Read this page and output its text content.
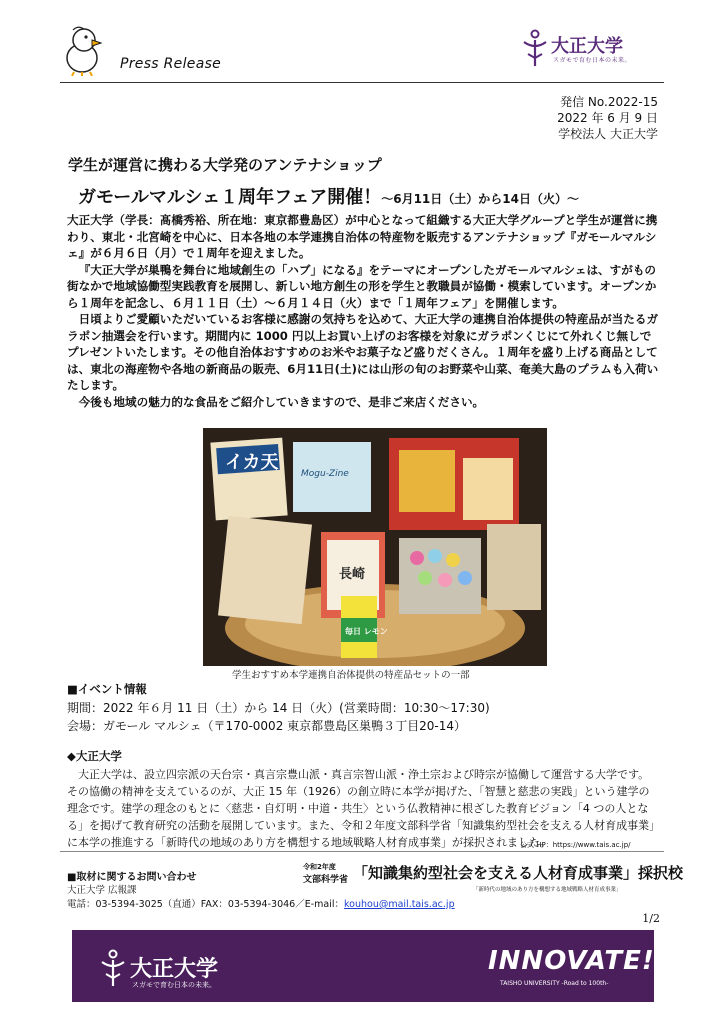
Press Release
大正大学
スガモで育む日本の未来。
発信 No.2022-15
2022 年 6 月 9 日
学校法人 大正大学
学生が運営に携わる大学発のアンテナショップ
ガモールマルシェ１周年フェア開催！～6月11日（土）から14日（火）～

大正大学（学長：髙橋秀裕、所在地：東京都豊島区）が中心となって組織する大正大学グループと学生が運営に携わり、東北・北宮崎を中心に、日本各地の本学連携自治体の特産物を販売するアンテナショップ『ガモールマルシェ』が６月６日（月）で１周年を迎えました。

『大正大学が巣鴨を舞台に地域創生の「ハブ」になる』をテーマにオープンしたガモールマルシェは、すがもの街なかで地域協働型実践教育を展開し、新しい地方創生の形を学生と教職員が協働・模索しています。オープンから１周年を記念し、６月１１日（土）～６月１４日（火）まで「１周年フェア」を開催します。

日頃よりご愛顧いただいているお客様に感謝の気持ちを込めて、大正大学の連携自治体提供の特産品が当たるガラポン抽選会を行います。期間内に 1000 円以上お買い上げのお客様を対象にガラポンくじにて外れくじ無しでプレゼントいたします。その他自治体おすすめのお米やお菓子など盛りだくさん。１周年を盛り上げる商品としては、東北の海産物や各地の新商品の販売、6月11日(土)には山形の旬のお野菜や山菜、奄美大島のプラムも入荷いたします。

今後も地域の魅力的な食品をご紹介していきますので、是非ご来店ください。

イカ天
Mogu-Zine
長崎
毎日 レモン
学生おすすめ本学連携自治体提供の特産品セットの一部
■イベント情報
期間：2022 年６月 11 日（土）から 14 日（火）(営業時間：10:30～17:30)
会場：ガモール マルシェ（〒170-0002 東京都豊島区巣鴨３丁目20-14）
◆大正大学

大正大学は、設立四宗派の天台宗・真言宗豊山派・真言宗智山派・浄土宗および時宗が協働して運営する大学です。その協働の精神を支えているのが、大正 15 年（1926）の創立時に本学が掲げた、「智慧と慈悲の実践」という建学の理念です。建学の理念のもとに〈慈悲・自灯明・中道・共生〉という仏教精神に根ざした教育ビジョン「4 つの人となる」を掲げて教育研究の活動を展開しています。また、令和２年度文部科学省「知識集約型社会を支える人材育成事業」に本学の推進する「新時代の地域のあり方を構想する地域戦略人材育成事業」が採択されました。

公式 HP：https://www.tais.ac.jp/
■取材に関するお問い合わせ
大正大学 広報課
電話：03-5394-3025（直通）FAX：03-5394-3046／E-mail：kouhou@mail.tais.ac.jp
令和2年度
文部科学省 「知識集約型社会を支える人材育成事業」採択校
「新時代の地域のあり方を構想する地域戦略人材育成事業」
1/2
大正大学
スガモで育む日本の未来。
INNOVATE!
TAISHO UNIVERSITY -Road to 100th-
